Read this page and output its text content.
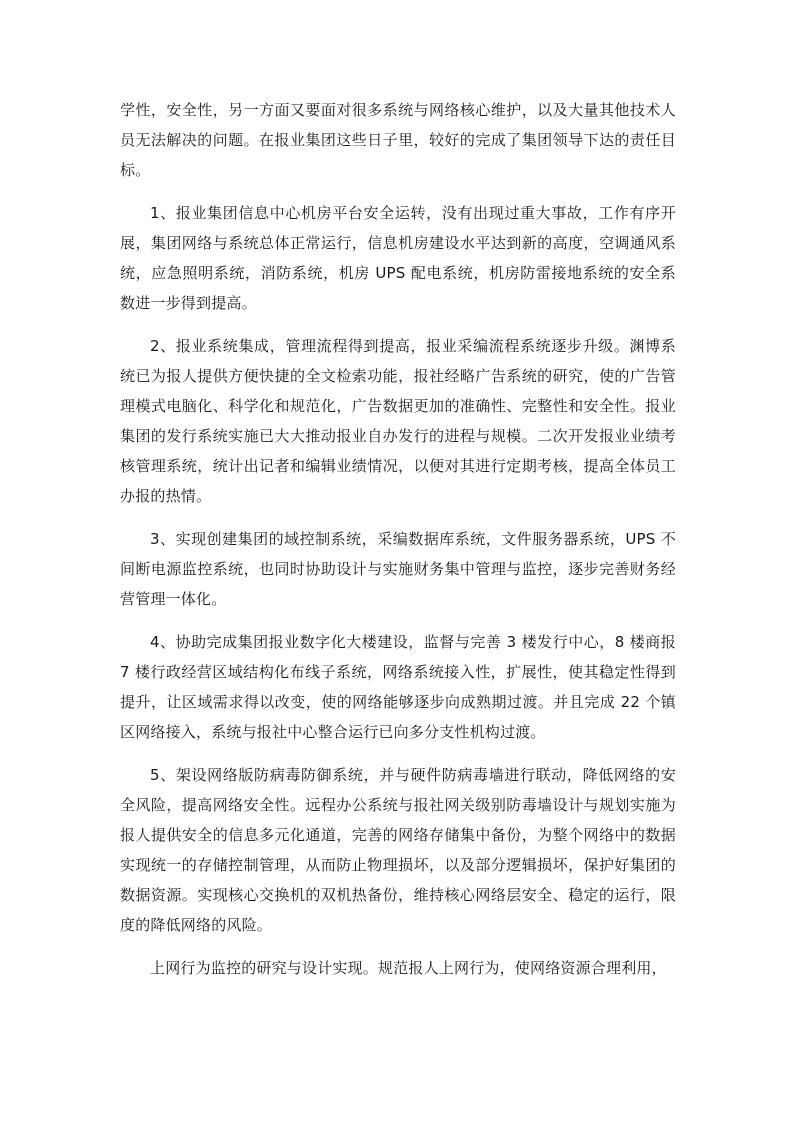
学性，安全性，另一方面又要面对很多系统与网络核心维护，以及大量其他技术人员无法解决的问题。在报业集团这些日子里，较好的完成了集团领导下达的责任目标。

1、报业集团信息中心机房平台安全运转，没有出现过重大事故，工作有序开展，集团网络与系统总体正常运行，信息机房建设水平达到新的高度，空调通风系统，应急照明系统，消防系统，机房 UPS 配电系统，机房防雷接地系统的安全系数进一步得到提高。

2、报业系统集成，管理流程得到提高，报业采编流程系统逐步升级。渊博系统已为报人提供方便快捷的全文检索功能，报社经略广告系统的研究，使的广告管理模式电脑化、科学化和规范化，广告数据更加的准确性、完整性和安全性。报业集团的发行系统实施已大大推动报业自办发行的进程与规模。二次开发报业业绩考核管理系统，统计出记者和编辑业绩情况，以便对其进行定期考核，提高全体员工办报的热情。

3、实现创建集团的域控制系统，采编数据库系统，文件服务器系统，UPS 不间断电源监控系统，也同时协助设计与实施财务集中管理与监控，逐步完善财务经营管理一体化。

4、协助完成集团报业数字化大楼建设，监督与完善 3 楼发行中心，8 楼商报 7 楼行政经营区域结构化布线子系统，网络系统接入性，扩展性，使其稳定性得到提升，让区域需求得以改变，使的网络能够逐步向成熟期过渡。并且完成 22 个镇区网络接入，系统与报社中心整合运行已向多分支性机构过渡。

5、架设网络版防病毒防御系统，并与硬件防病毒墙进行联动，降低网络的安全风险，提高网络安全性。远程办公系统与报社网关级别防毒墙设计与规划实施为报人提供安全的信息多元化通道，完善的网络存储集中备份，为整个网络中的数据实现统一的存储控制管理，从而防止物理损坏，以及部分逻辑损坏，保护好集团的数据资源。实现核心交换机的双机热备份，维持核心网络层安全、稳定的运行，限度的降低网络的风险。

上网行为监控的研究与设计实现。规范报人上网行为，使网络资源合理利用，
